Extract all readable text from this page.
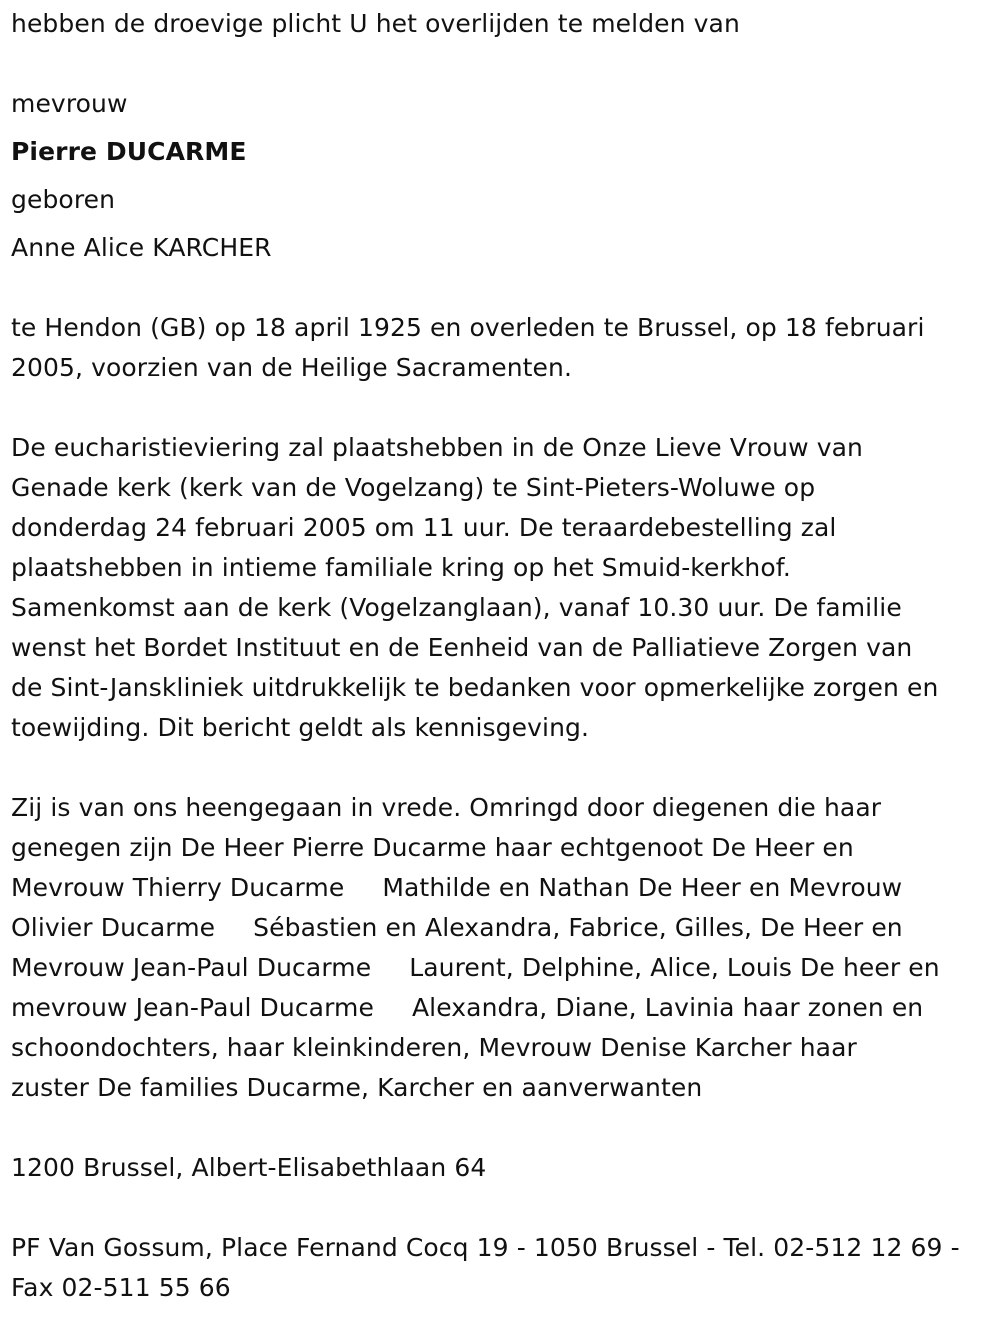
hebben de droevige plicht U het overlijden te melden van
mevrouw
Pierre DUCARME
geboren
Anne Alice KARCHER
te Hendon (GB) op 18 april 1925 en overleden te Brussel, op 18 februari
2005, voorzien van de Heilige Sacramenten.
De eucharistieviering zal plaatshebben in de Onze Lieve Vrouw van
Genade kerk (kerk van de Vogelzang) te Sint-Pieters-Woluwe op
donderdag 24 februari 2005 om 11 uur. De teraardebestelling zal
plaatshebben in intieme familiale kring op het Smuid-kerkhof.
Samenkomst aan de kerk (Vogelzanglaan), vanaf 10.30 uur. De familie
wenst het Bordet Instituut en de Eenheid van de Palliatieve Zorgen van
de Sint-Janskliniek uitdrukkelijk te bedanken voor opmerkelijke zorgen en
toewijding. Dit bericht geldt als kennisgeving.
Zij is van ons heengegaan in vrede. Omringd door diegenen die haar
genegen zijn De Heer Pierre Ducarme haar echtgenoot De Heer en
Mevrouw Thierry Ducarme Mathilde en Nathan De Heer en Mevrouw
Olivier Ducarme Sébastien en Alexandra, Fabrice, Gilles, De Heer en
Mevrouw Jean-Paul Ducarme Laurent, Delphine, Alice, Louis De heer en
mevrouw Jean-Paul Ducarme Alexandra, Diane, Lavinia haar zonen en
schoondochters, haar kleinkinderen, Mevrouw Denise Karcher haar
zuster De families Ducarme, Karcher en aanverwanten
1200 Brussel, Albert-Elisabethlaan 64
PF Van Gossum, Place Fernand Cocq 19 - 1050 Brussel - Tel. 02-512 12 69 -
Fax 02-511 55 66
